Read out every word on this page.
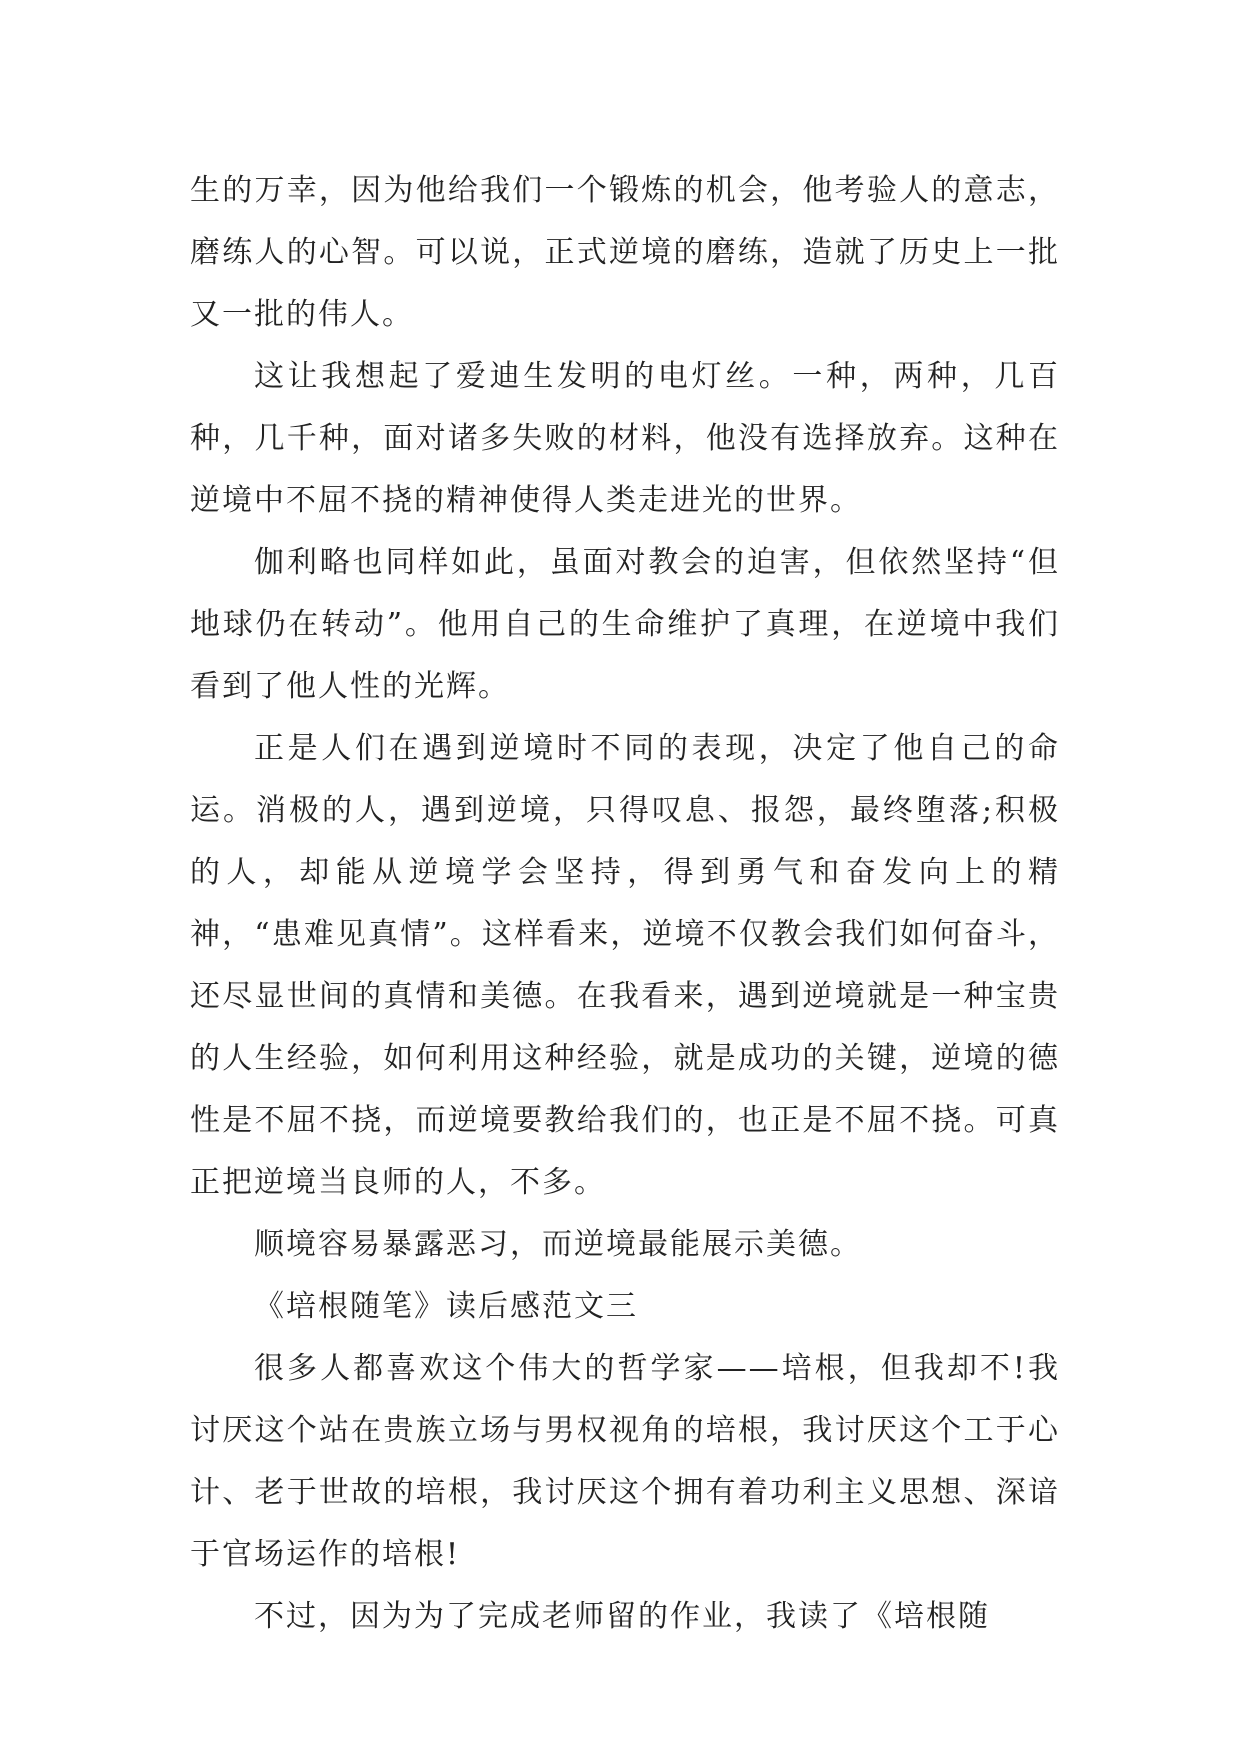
生的万幸，因为他给我们一个锻炼的机会，他考验人的意志，磨练人的心智。可以说，正式逆境的磨练，造就了历史上一批又一批的伟人。

这让我想起了爱迪生发明的电灯丝。一种，两种，几百种，几千种，面对诸多失败的材料，他没有选择放弃。这种在逆境中不屈不挠的精神使得人类走进光的世界。

伽利略也同样如此，虽面对教会的迫害，但依然坚持“但地球仍在转动”。他用自己的生命维护了真理，在逆境中我们看到了他人性的光辉。

正是人们在遇到逆境时不同的表现，决定了他自己的命运。消极的人，遇到逆境，只得叹息、报怨，最终堕落;积极的人，却能从逆境学会坚持，得到勇气和奋发向上的精神，“患难见真情”。这样看来，逆境不仅教会我们如何奋斗，还尽显世间的真情和美德。在我看来，遇到逆境就是一种宝贵的人生经验，如何利用这种经验，就是成功的关键，逆境的德性是不屈不挠，而逆境要教给我们的，也正是不屈不挠。可真正把逆境当良师的人，不多。

顺境容易暴露恶习，而逆境最能展示美德。

《培根随笔》读后感范文三

很多人都喜欢这个伟大的哲学家——培根，但我却不!我讨厌这个站在贵族立场与男权视角的培根，我讨厌这个工于心计、老于世故的培根，我讨厌这个拥有着功利主义思想、深谙于官场运作的培根!

不过，因为为了完成老师留的作业，我读了《培根随
